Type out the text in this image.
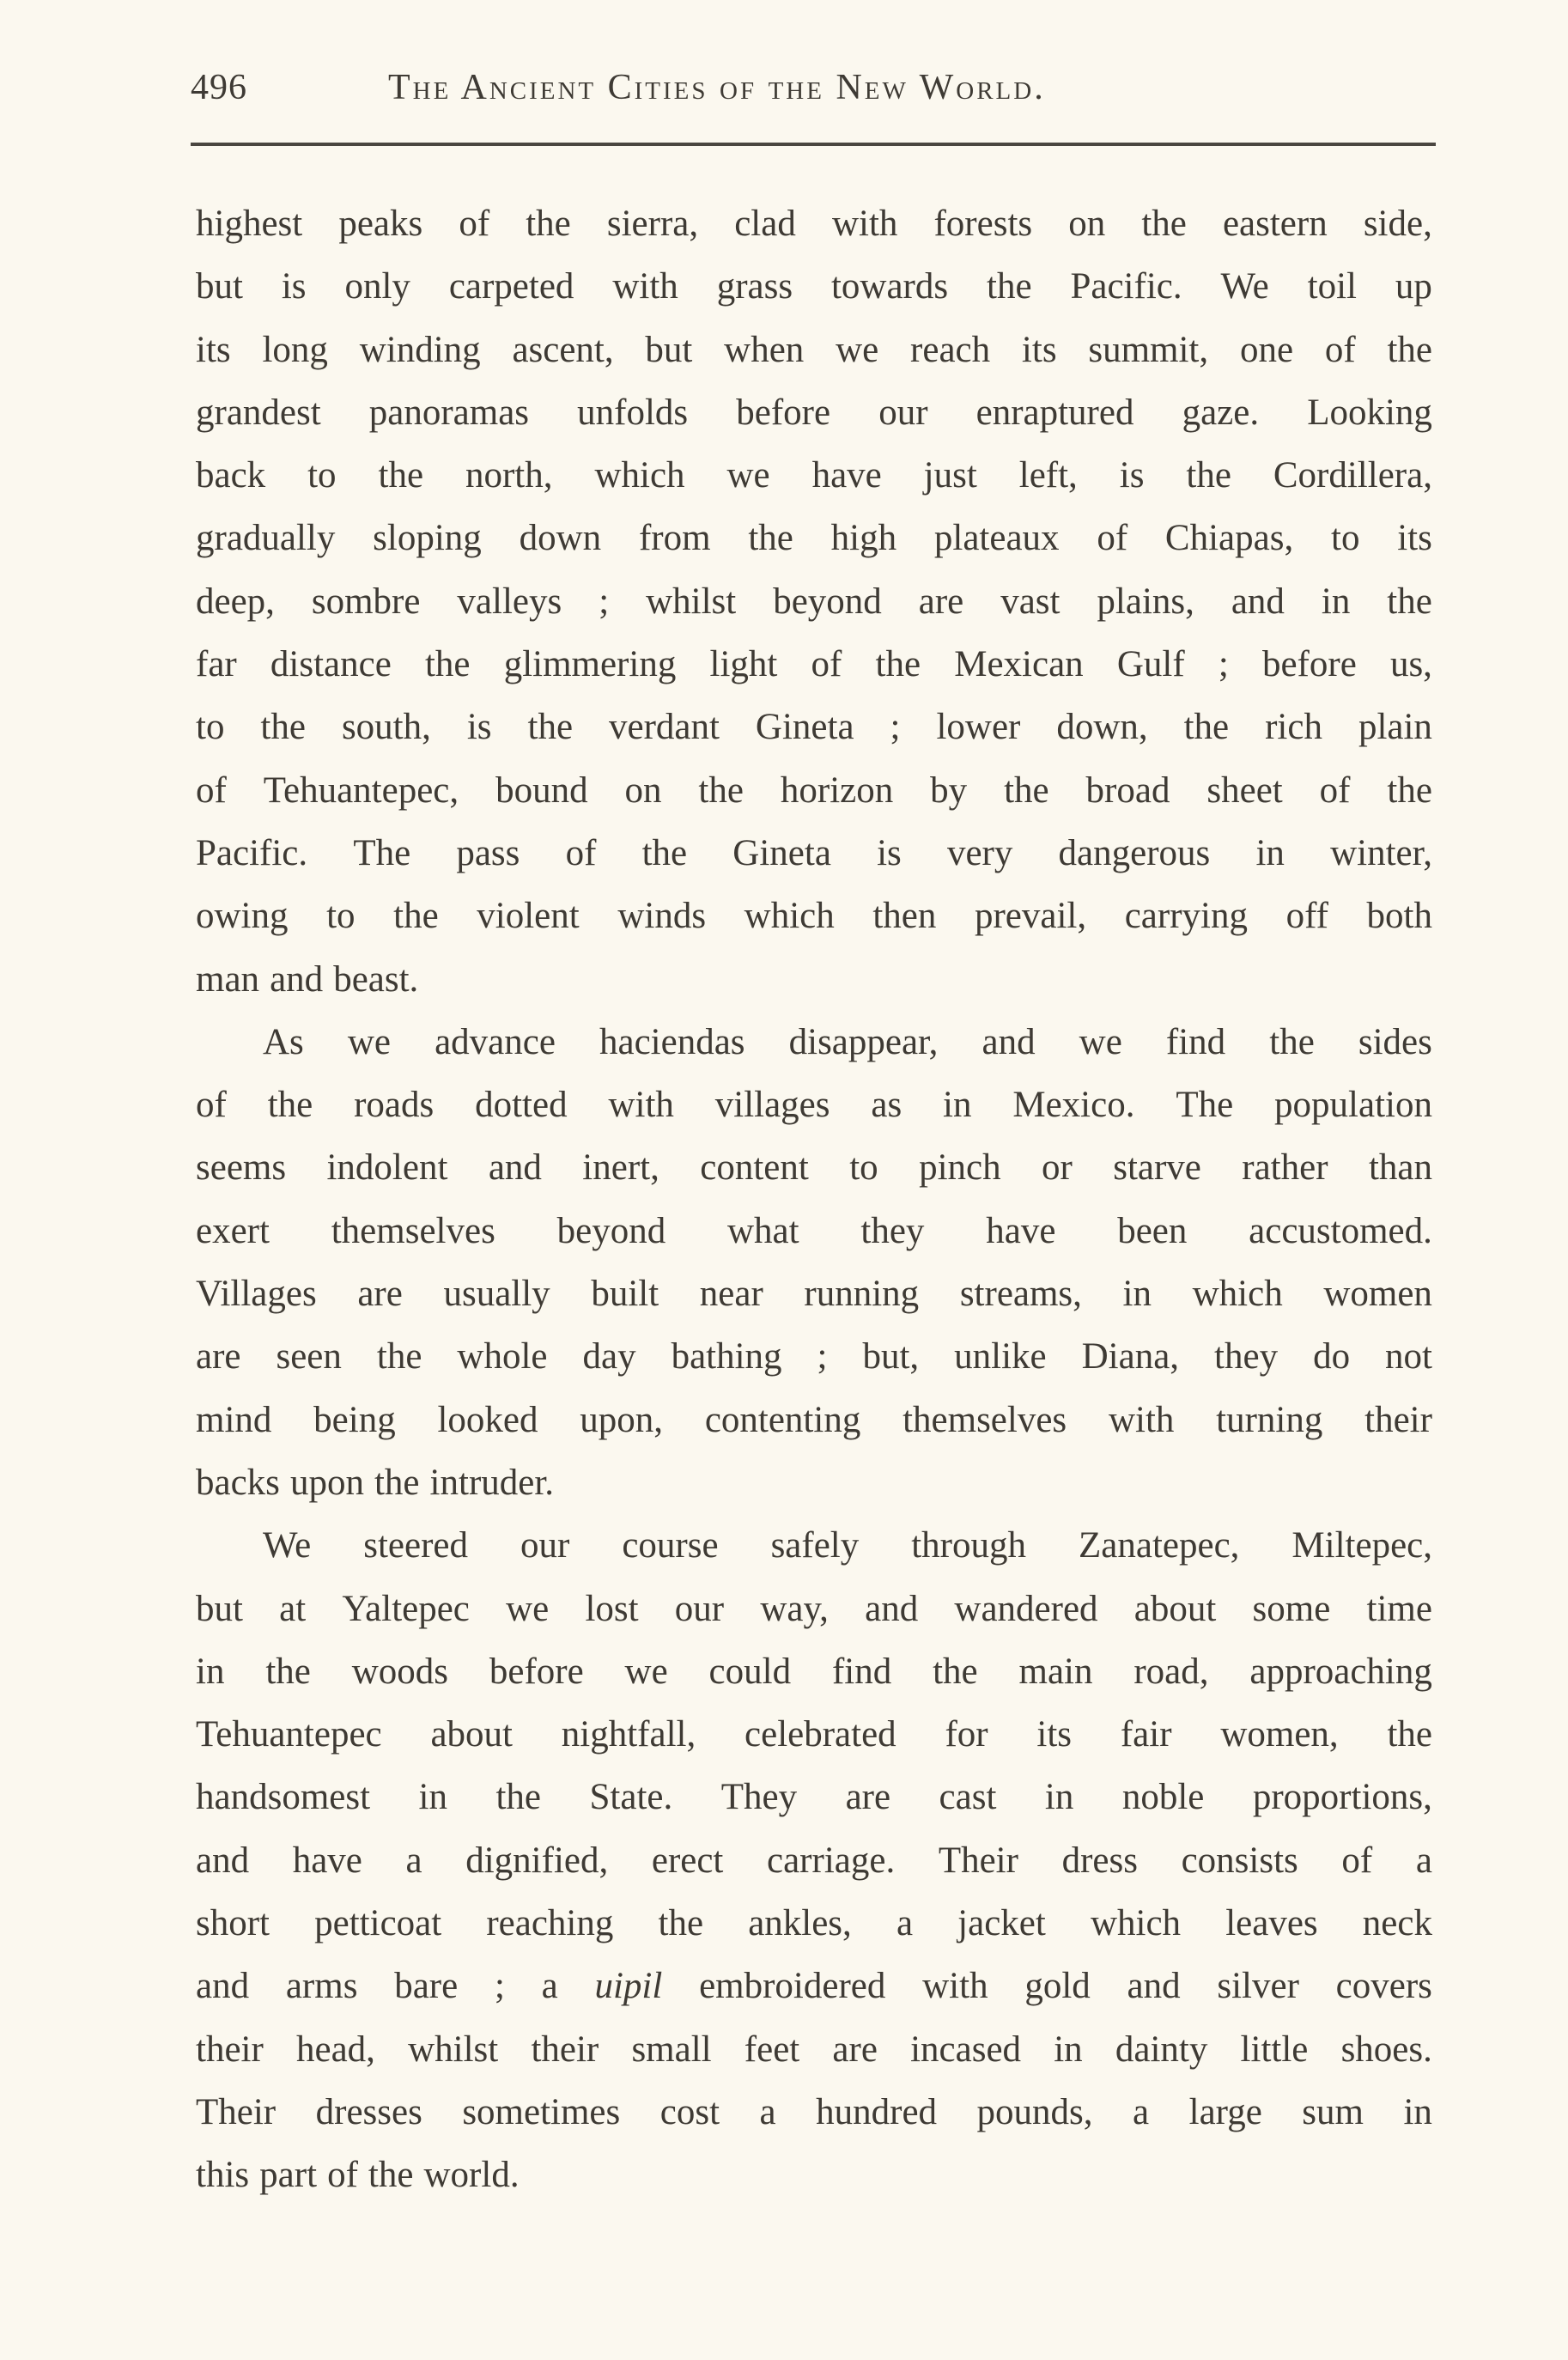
496	The Ancient Cities of the New World.
highest peaks of the sierra, clad with forests on the eastern side,
but is only carpeted with grass towards the Pacific. We toil up
its long winding ascent, but when we reach its summit, one of the
grandest panoramas unfolds before our enraptured gaze. Looking
back to the north, which we have just left, is the Cordillera,
gradually sloping down from the high plateaux of Chiapas, to its
deep, sombre valleys ; whilst beyond are vast plains, and in the
far distance the glimmering light of the Mexican Gulf ; before us,
to the south, is the verdant Gineta ; lower down, the rich plain
of Tehuantepec, bound on the horizon by the broad sheet of the
Pacific. The pass of the Gineta is very dangerous in winter,
owing to the violent winds which then prevail, carrying off both
man and beast.
As we advance haciendas disappear, and we find the sides
of the roads dotted with villages as in Mexico. The population
seems indolent and inert, content to pinch or starve rather than
exert themselves beyond what they have been accustomed.
Villages are usually built near running streams, in which women
are seen the whole day bathing ; but, unlike Diana, they do not
mind being looked upon, contenting themselves with turning their
backs upon the intruder.
We steered our course safely through Zanatepec, Miltepec,
but at Yaltepec we lost our way, and wandered about some time
in the woods before we could find the main road, approaching
Tehuantepec about nightfall, celebrated for its fair women, the
handsomest in the State. They are cast in noble proportions,
and have a dignified, erect carriage. Their dress consists of a
short petticoat reaching the ankles, a jacket which leaves neck
and arms bare ; a uipil embroidered with gold and silver covers
their head, whilst their small feet are incased in dainty little shoes.
Their dresses sometimes cost a hundred pounds, a large sum in
this part of the world.
